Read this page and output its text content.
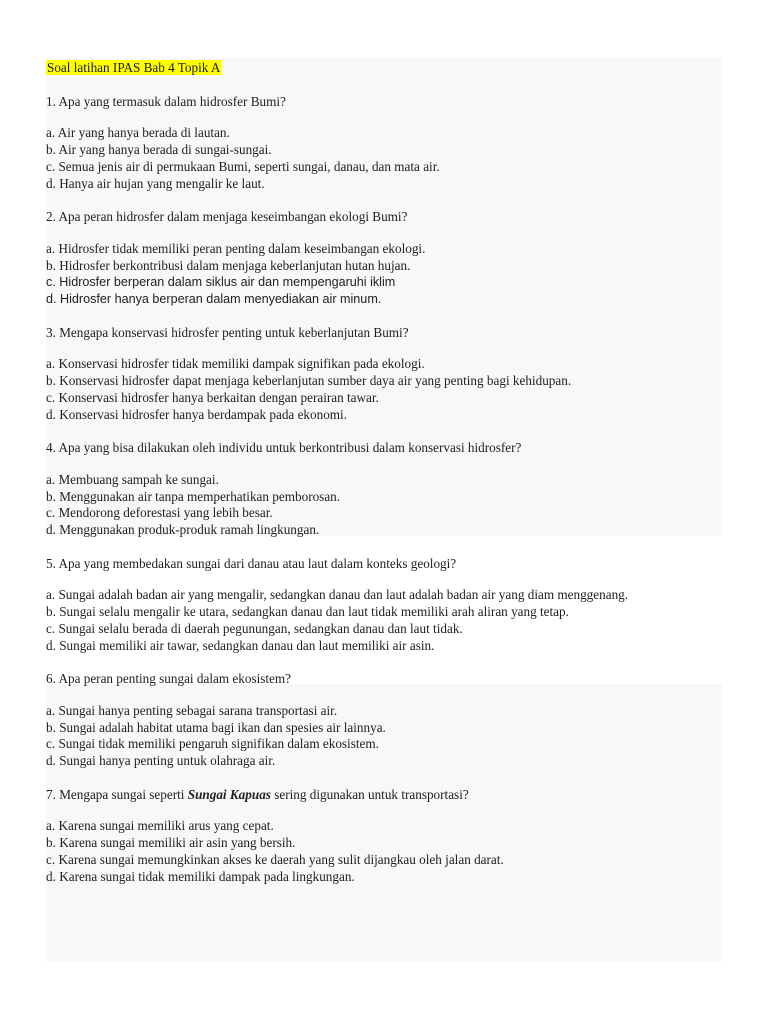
Soal latihan IPAS Bab 4 Topik A
1. Apa yang termasuk dalam hidrosfer Bumi?
a. Air yang hanya berada di lautan.
b. Air yang hanya berada di sungai-sungai.
c. Semua jenis air di permukaan Bumi, seperti sungai, danau, dan mata air.
d. Hanya air hujan yang mengalir ke laut.
2. Apa peran hidrosfer dalam menjaga keseimbangan ekologi Bumi?
a. Hidrosfer tidak memiliki peran penting dalam keseimbangan ekologi.
b. Hidrosfer berkontribusi dalam menjaga keberlanjutan hutan hujan.
c. Hidrosfer berperan dalam siklus air dan mempengaruhi iklim
d. Hidrosfer hanya berperan dalam menyediakan air minum.
3. Mengapa konservasi hidrosfer penting untuk keberlanjutan Bumi?
a. Konservasi hidrosfer tidak memiliki dampak signifikan pada ekologi.
b. Konservasi hidrosfer dapat menjaga keberlanjutan sumber daya air yang penting bagi kehidupan.
c. Konservasi hidrosfer hanya berkaitan dengan perairan tawar.
d. Konservasi hidrosfer hanya berdampak pada ekonomi.
4. Apa yang bisa dilakukan oleh individu untuk berkontribusi dalam konservasi hidrosfer?
a. Membuang sampah ke sungai.
b. Menggunakan air tanpa memperhatikan pemborosan.
c. Mendorong deforestasi yang lebih besar.
d. Menggunakan produk-produk ramah lingkungan.
5. Apa yang membedakan sungai dari danau atau laut dalam konteks geologi?
a. Sungai adalah badan air yang mengalir, sedangkan danau dan laut adalah badan air yang diam menggenang.
b. Sungai selalu mengalir ke utara, sedangkan danau dan laut tidak memiliki arah aliran yang tetap.
c. Sungai selalu berada di daerah pegunungan, sedangkan danau dan laut tidak.
d. Sungai memiliki air tawar, sedangkan danau dan laut memiliki air asin.
6. Apa peran penting sungai dalam ekosistem?
a. Sungai hanya penting sebagai sarana transportasi air.
b. Sungai adalah habitat utama bagi ikan dan spesies air lainnya.
c. Sungai tidak memiliki pengaruh signifikan dalam ekosistem.
d. Sungai hanya penting untuk olahraga air.
7. Mengapa sungai seperti Sungai Kapuas sering digunakan untuk transportasi?
a. Karena sungai memiliki arus yang cepat.
b. Karena sungai memiliki air asin yang bersih.
c. Karena sungai memungkinkan akses ke daerah yang sulit dijangkau oleh jalan darat.
d. Karena sungai tidak memiliki dampak pada lingkungan.
